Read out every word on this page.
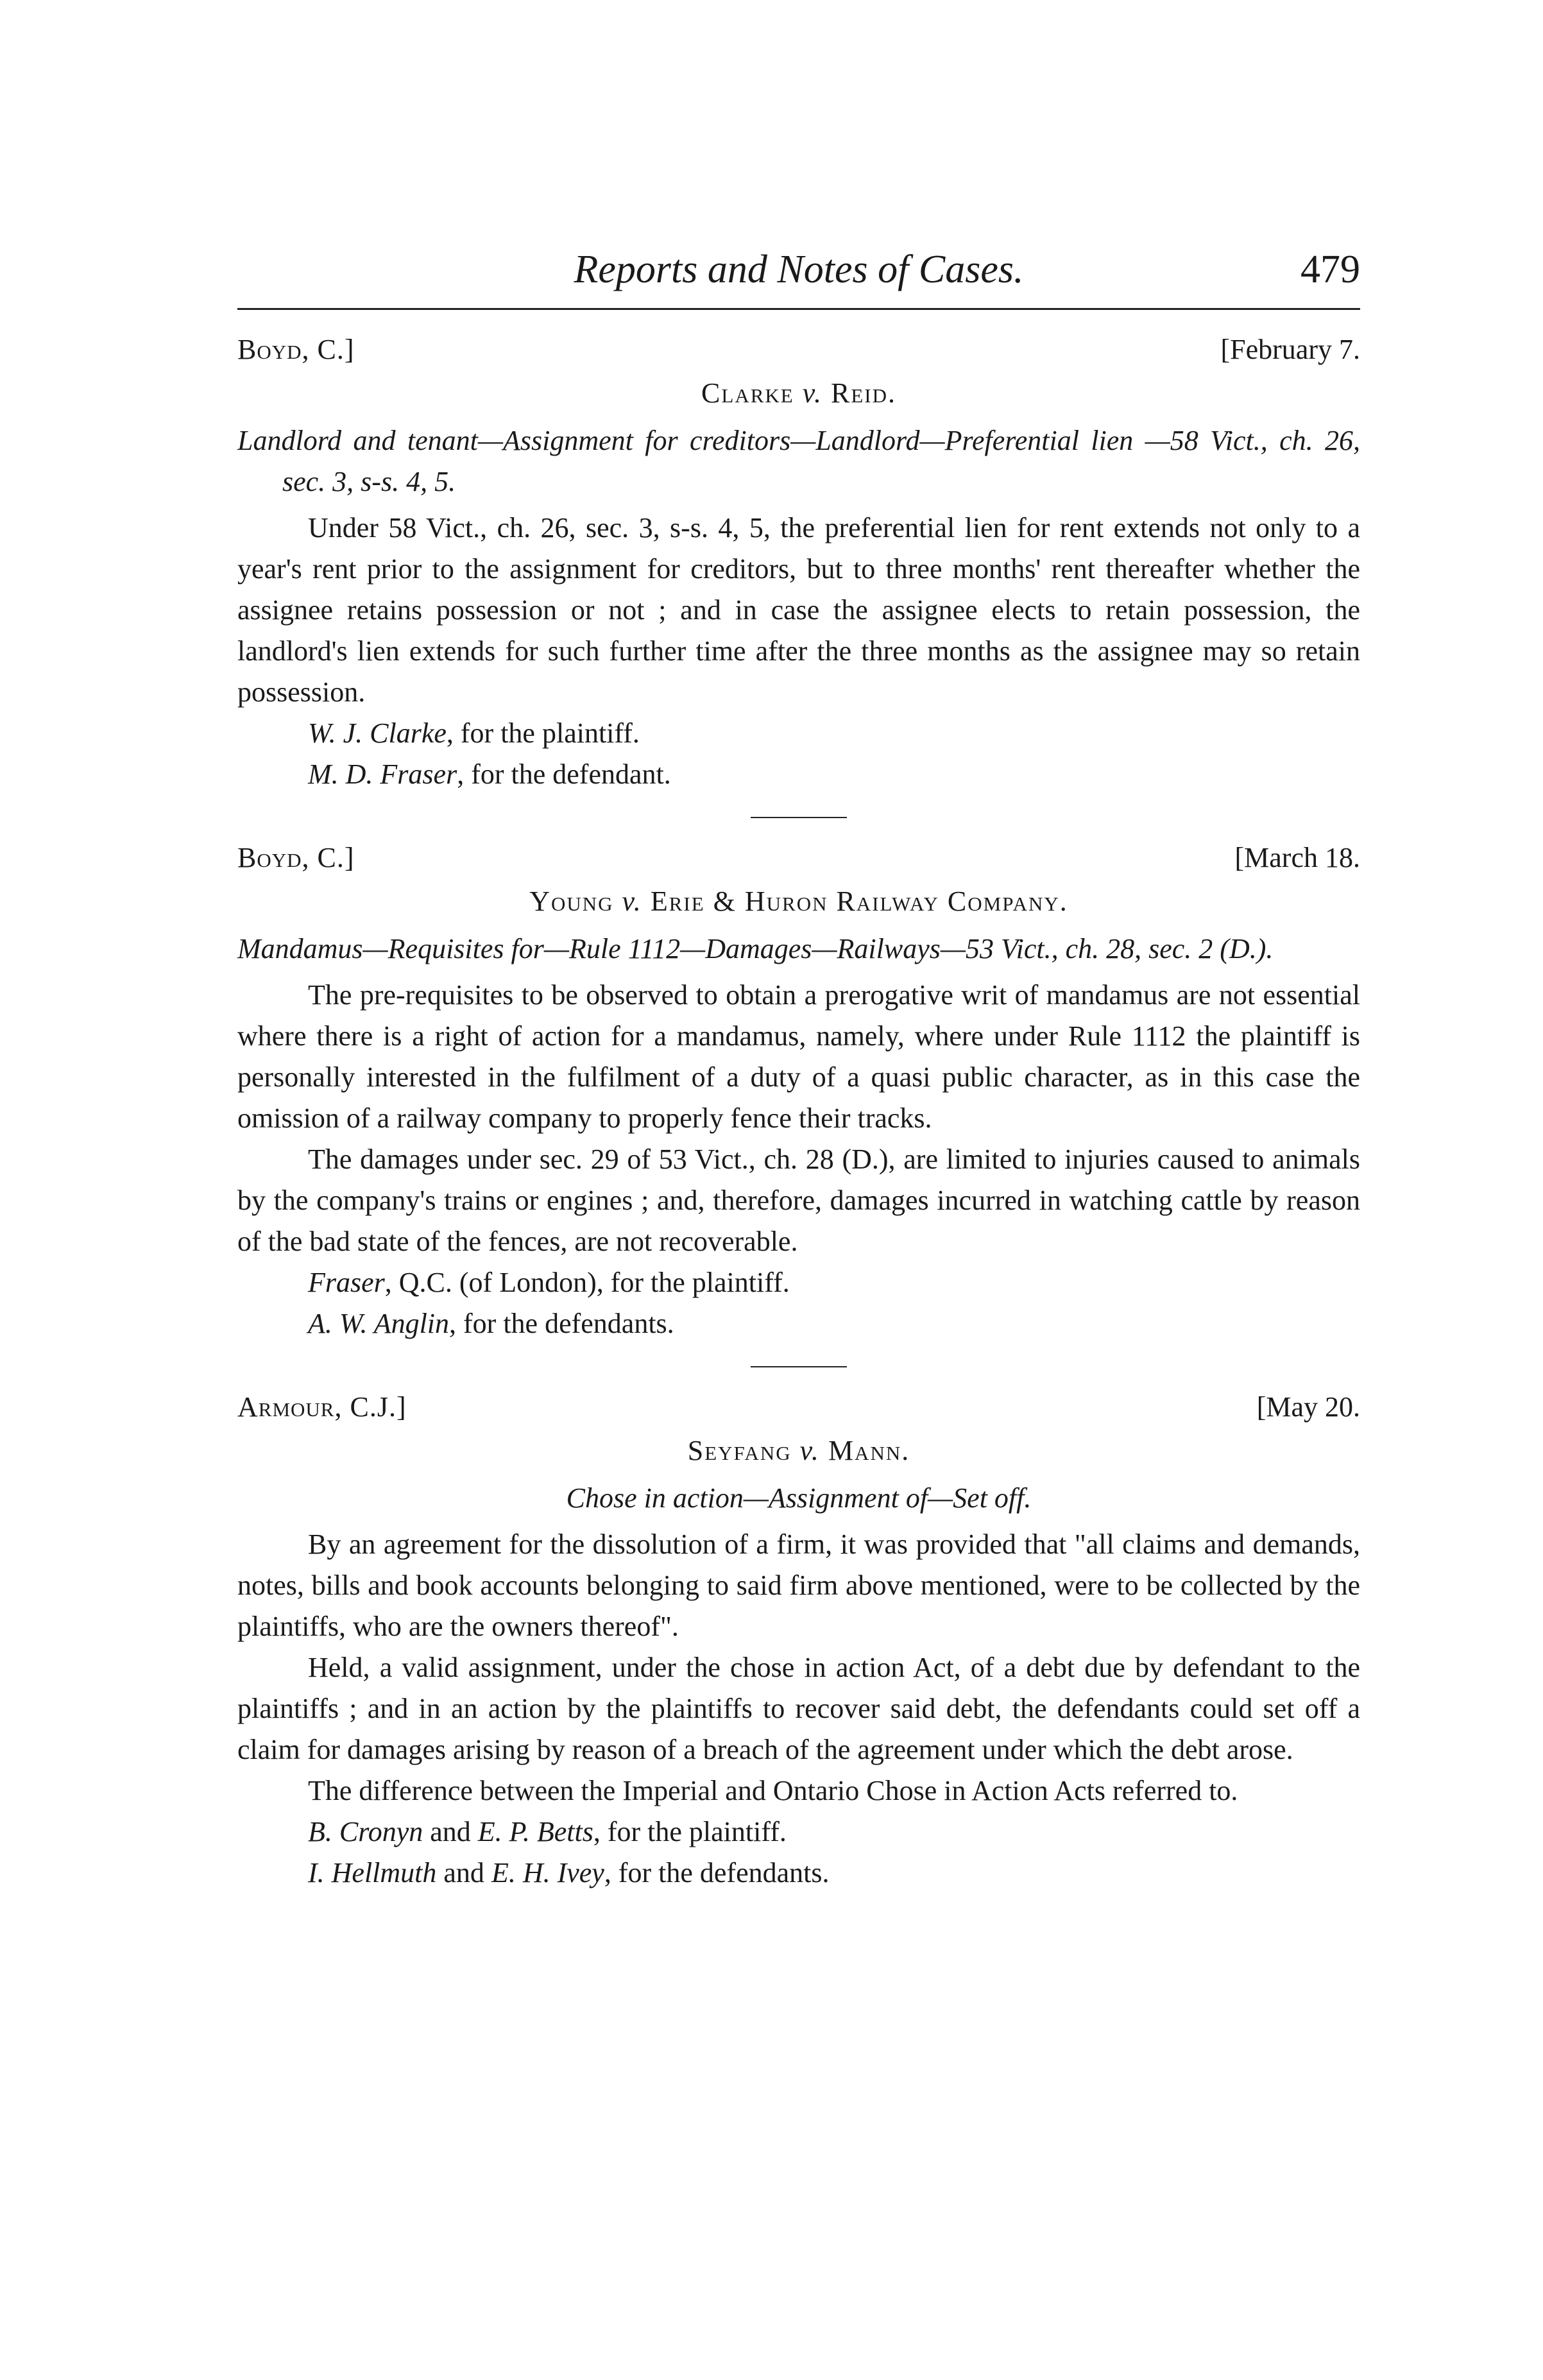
Reports and Notes of Cases.	479
Boyd, C.]	[February 7.

Clarke v. Reid.

Landlord and tenant—Assignment for creditors—Landlord—Preferential lien —58 Vict., ch. 26, sec. 3, s-s. 4, 5.

Under 58 Vict., ch. 26, sec. 3, s-s. 4, 5, the preferential lien for rent extends not only to a year's rent prior to the assignment for creditors, but to three months' rent thereafter whether the assignee retains possession or not ; and in case the assignee elects to retain possession, the landlord's lien extends for such further time after the three months as the assignee may so retain possession.

W. J. Clarke, for the plaintiff.

M. D. Fraser, for the defendant.

Boyd, C.]	[March 18.

Young v. Erie & Huron Railway Company.

Mandamus—Requisites for—Rule 1112—Damages—Railways—53 Vict., ch. 28, sec. 2 (D.).

The pre-requisites to be observed to obtain a prerogative writ of mandamus are not essential where there is a right of action for a mandamus, namely, where under Rule 1112 the plaintiff is personally interested in the fulfilment of a duty of a quasi public character, as in this case the omission of a railway company to properly fence their tracks.

The damages under sec. 29 of 53 Vict., ch. 28 (D.), are limited to injuries caused to animals by the company's trains or engines ; and, therefore, damages incurred in watching cattle by reason of the bad state of the fences, are not recoverable.

Fraser, Q.C. (of London), for the plaintiff.

A. W. Anglin, for the defendants.

Armour, C.J.]	[May 20.

Seyfang v. Mann.

Chose in action—Assignment of—Set off.

By an agreement for the dissolution of a firm, it was provided that "all claims and demands, notes, bills and book accounts belonging to said firm above mentioned, were to be collected by the plaintiffs, who are the owners thereof".

Held, a valid assignment, under the chose in action Act, of a debt due by defendant to the plaintiffs ; and in an action by the plaintiffs to recover said debt, the defendants could set off a claim for damages arising by reason of a breach of the agreement under which the debt arose.

The difference between the Imperial and Ontario Chose in Action Acts referred to.

B. Cronyn and E. P. Betts, for the plaintiff.

I. Hellmuth and E. H. Ivey, for the defendants.
